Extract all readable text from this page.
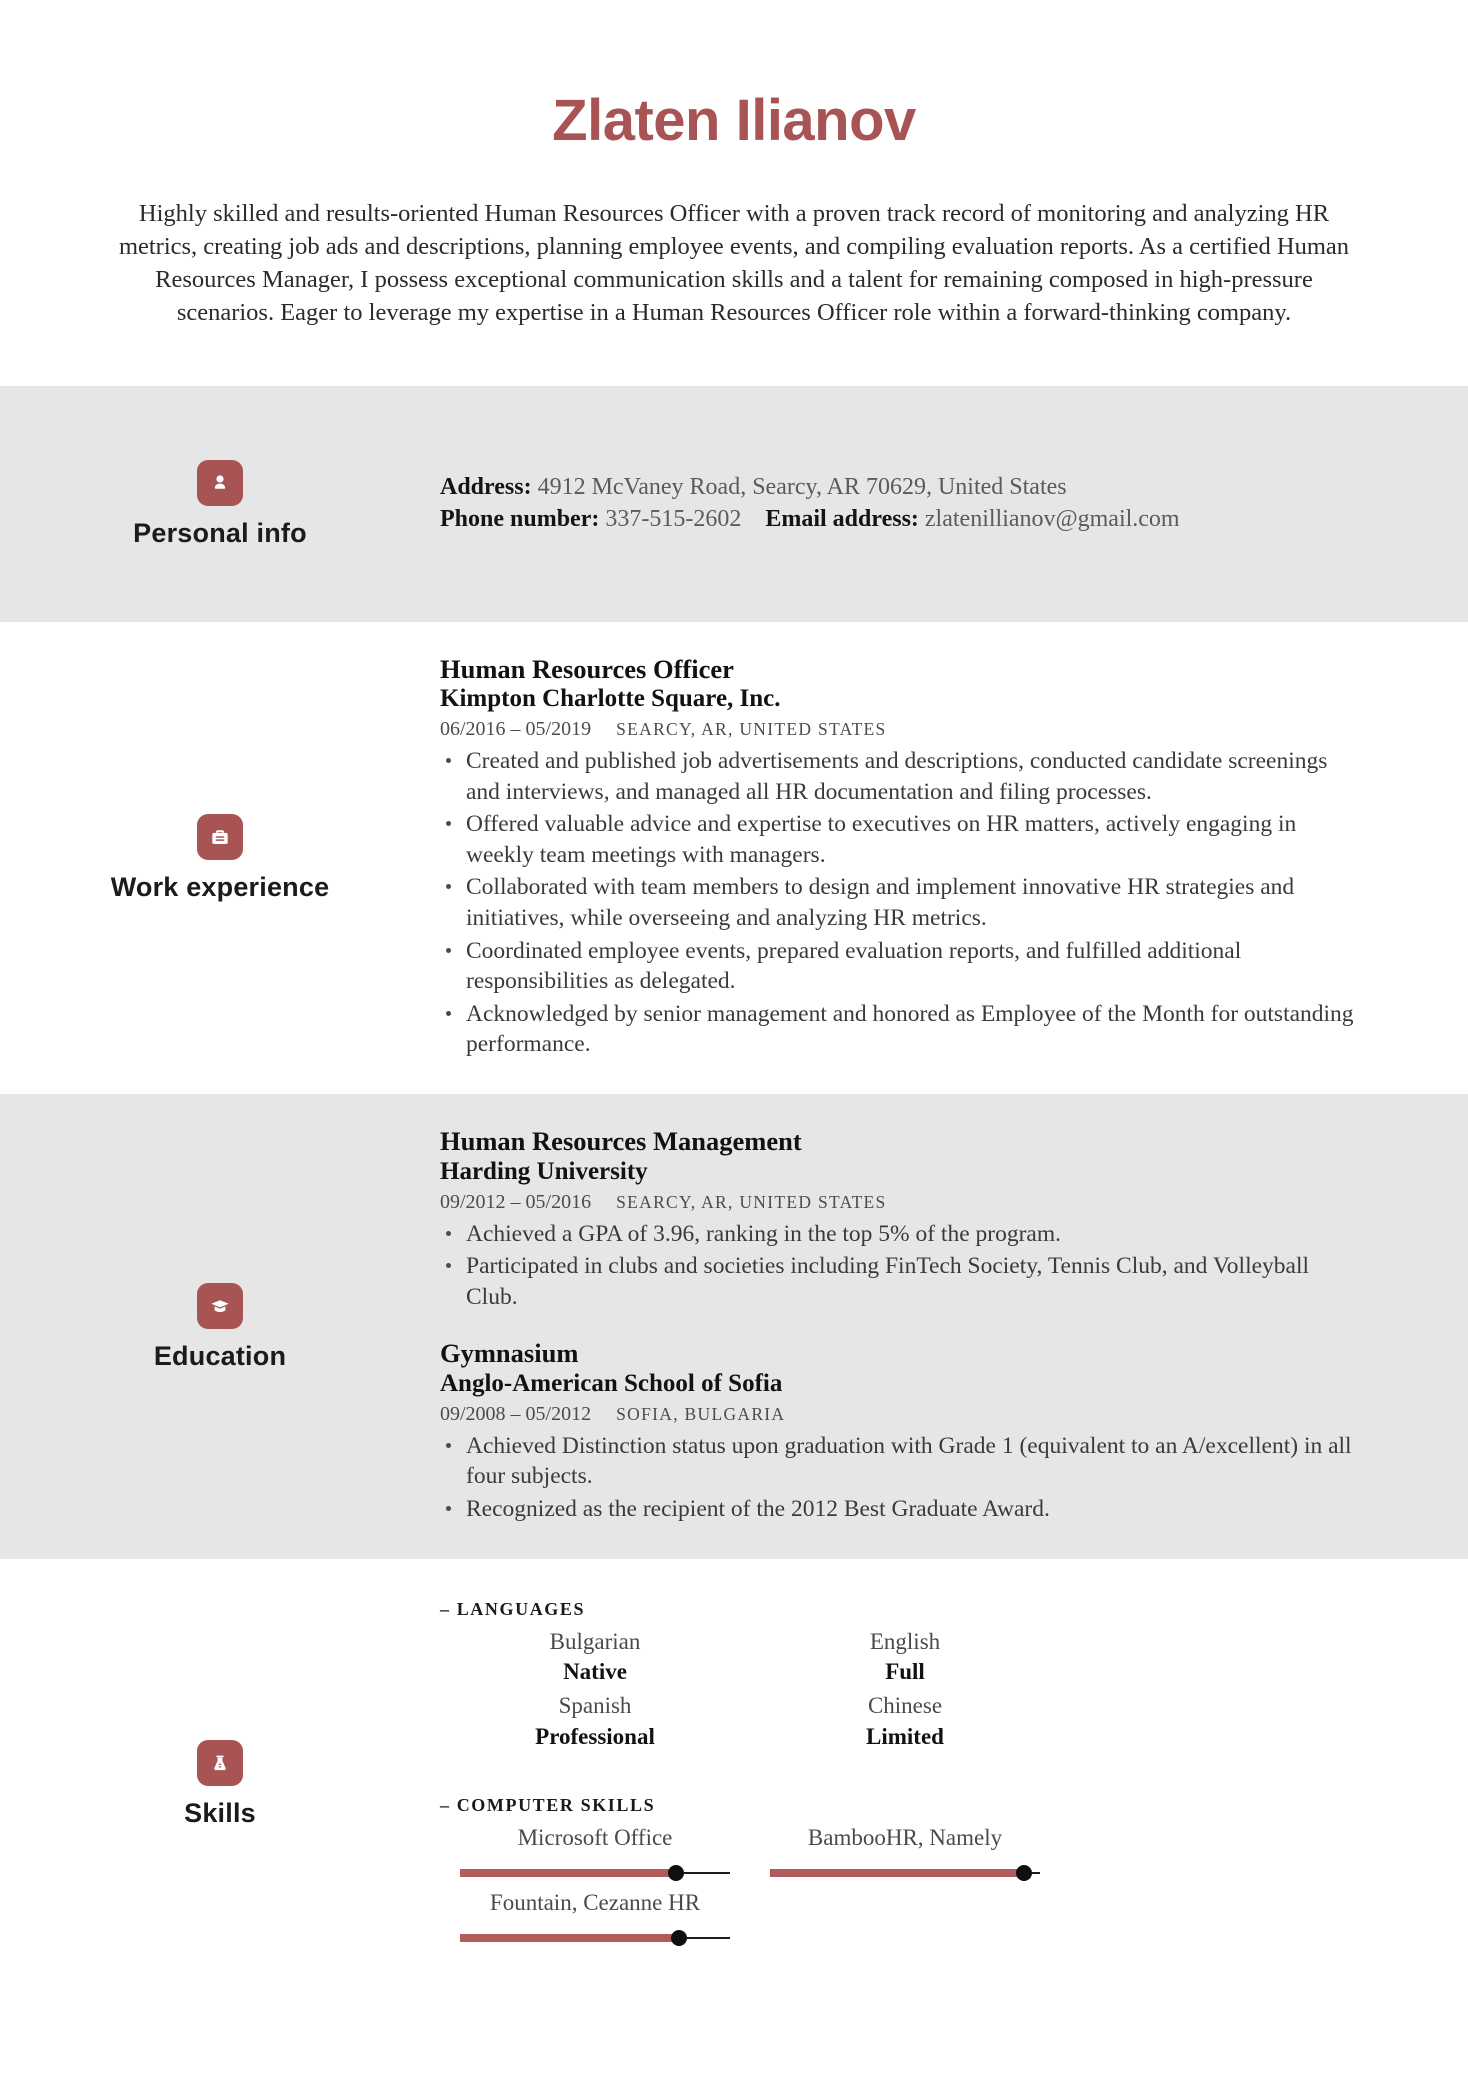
Zlaten Ilianov

Highly skilled and results-oriented Human Resources Officer with a proven track record of monitoring and analyzing HR metrics, creating job ads and descriptions, planning employee events, and compiling evaluation reports. As a certified Human Resources Manager, I possess exceptional communication skills and a talent for remaining composed in high-pressure scenarios. Eager to leverage my expertise in a Human Resources Officer role within a forward-thinking company.

Personal info
Address: 4912 McVaney Road, Searcy, AR 70629, United States
Phone number: 337-515-2602 Email address: zlatenillianov@gmail.com
Work experience
Human Resources Officer
Kimpton Charlotte Square, Inc.
06/2016 – 05/2019 SEARCY, AR, UNITED STATES
Created and published job advertisements and descriptions, conducted candidate screenings and interviews, and managed all HR documentation and filing processes.
Offered valuable advice and expertise to executives on HR matters, actively engaging in weekly team meetings with managers.
Collaborated with team members to design and implement innovative HR strategies and initiatives, while overseeing and analyzing HR metrics.
Coordinated employee events, prepared evaluation reports, and fulfilled additional responsibilities as delegated.
Acknowledged by senior management and honored as Employee of the Month for outstanding performance.
Education
Human Resources Management
Harding University
09/2012 – 05/2016 SEARCY, AR, UNITED STATES
Achieved a GPA of 3.96, ranking in the top 5% of the program.
Participated in clubs and societies including FinTech Society, Tennis Club, and Volleyball Club.
Gymnasium
Anglo-American School of Sofia
09/2008 – 05/2012 SOFIA, BULGARIA
Achieved Distinction status upon graduation with Grade 1 (equivalent to an A/excellent) in all four subjects.
Recognized as the recipient of the 2012 Best Graduate Award.
Skills
– LANGUAGES
Bulgarian
Native
English
Full
Spanish
Professional
Chinese
Limited
– COMPUTER SKILLS
Microsoft Office	BambooHR, Namely
Fountain, Cezanne HR
